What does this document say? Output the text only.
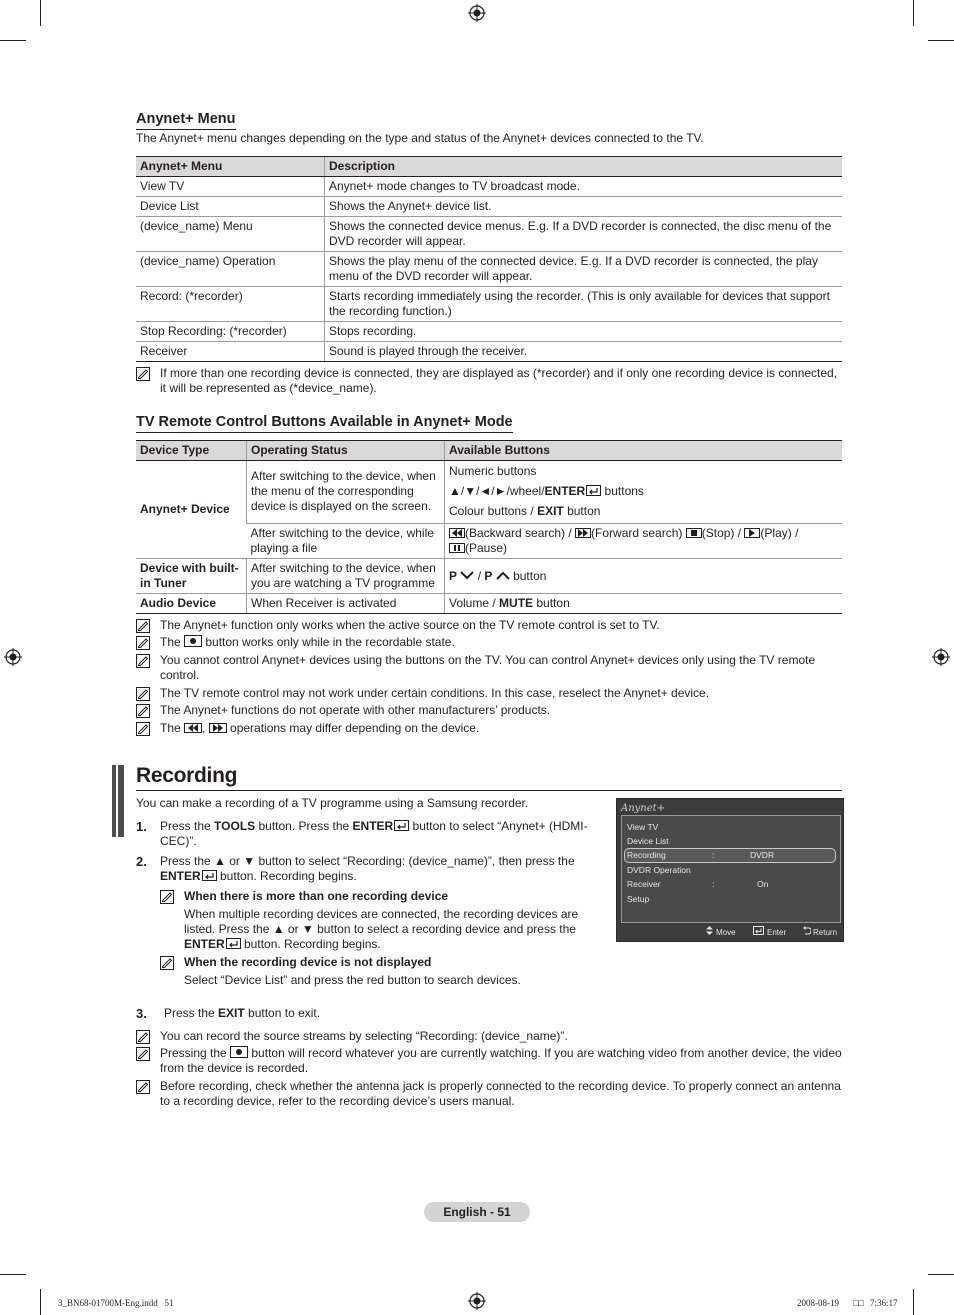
Anynet+ Menu
The Anynet+ menu changes depending on the type and status of the Anynet+ devices connected to the TV.
Anynet+ Menu	Description
View TV	Anynet+ mode changes to TV broadcast mode.
Device List	Shows the Anynet+ device list.
(device_name) Menu	Shows the connected device menus. E.g. If a DVD recorder is connected, the disc menu of the DVD recorder will appear.
(device_name) Operation	Shows the play menu of the connected device. E.g. If a DVD recorder is connected, the play menu of the DVD recorder will appear.
Record: (*recorder)	Starts recording immediately using the recorder. (This is only available for devices that support the recording function.)
Stop Recording: (*recorder)	Stops recording.
Receiver	Sound is played through the receiver.
If more than one recording device is connected, they are displayed as (*recorder) and if only one recording device is connected, it will be represented as (*device_name).
TV Remote Control Buttons Available in Anynet+ Mode
Device Type	Operating Status	Available Buttons
Anynet+ Device	After switching to the device, when the menu of the corresponding device is displayed on the screen.	Numeric buttons
▲/▼/◄/►/wheel/ENTER buttons
Colour buttons / EXIT button

	After switching to the device, while playing a file	(Backward search) /
(Forward search)
(Stop) /
(Play) /

(Pause)
Device with built-in Tuner	After switching to the device, when you are watching a TV programme	P  / P button
Audio Device	When Receiver is activated	Volume / MUTE button
The Anynet+ function only works when the active source on the TV remote control is set to TV.
The
button works only while in the recordable state.
You cannot control Anynet+ devices using the buttons on the TV. You can control Anynet+ devices only using the TV remote control.
The TV remote control may not work under certain conditions. In this case, reselect the Anynet+ device.
The Anynet+ functions do not operate with other manufacturers’ products.
The
,
operations may differ depending on the device.
Recording
You can make a recording of a TV programme using a Samsung recorder.
1. Press the TOOLS button. Press the ENTER button to select “Anynet+ (HDMI-CEC)”.
2. Press the ▲ or ▼ button to select “Recording: (device_name)”, then press the ENTER button. Recording begins.
When there is more than one recording device
When multiple recording devices are connected, the recording devices are listed. Press the ▲ or ▼ button to select a recording device and press the ENTER button. Recording begins.
When the recording device is not displayed
Select “Device List” and press the red button to search devices.
3. Press the EXIT button to exit.
You can record the source streams by selecting “Recording: (device_name)”.
Pressing the
button will record whatever you are currently watching. If you are watching video from another device, the video from the device is recorded.
Before recording, check whether the antenna jack is properly connected to the recording device. To properly connect an antenna to a recording device, refer to the recording device’s users manual.
Anynet+
View TV
Device List
Recording	:	DVDR
DVDR Operation
Receiver	:	On
Setup
Move	Enter	Return
English - 51
3_BN68-01700M-Eng.indd   51	2008-08-19 □□ 7:36:17
